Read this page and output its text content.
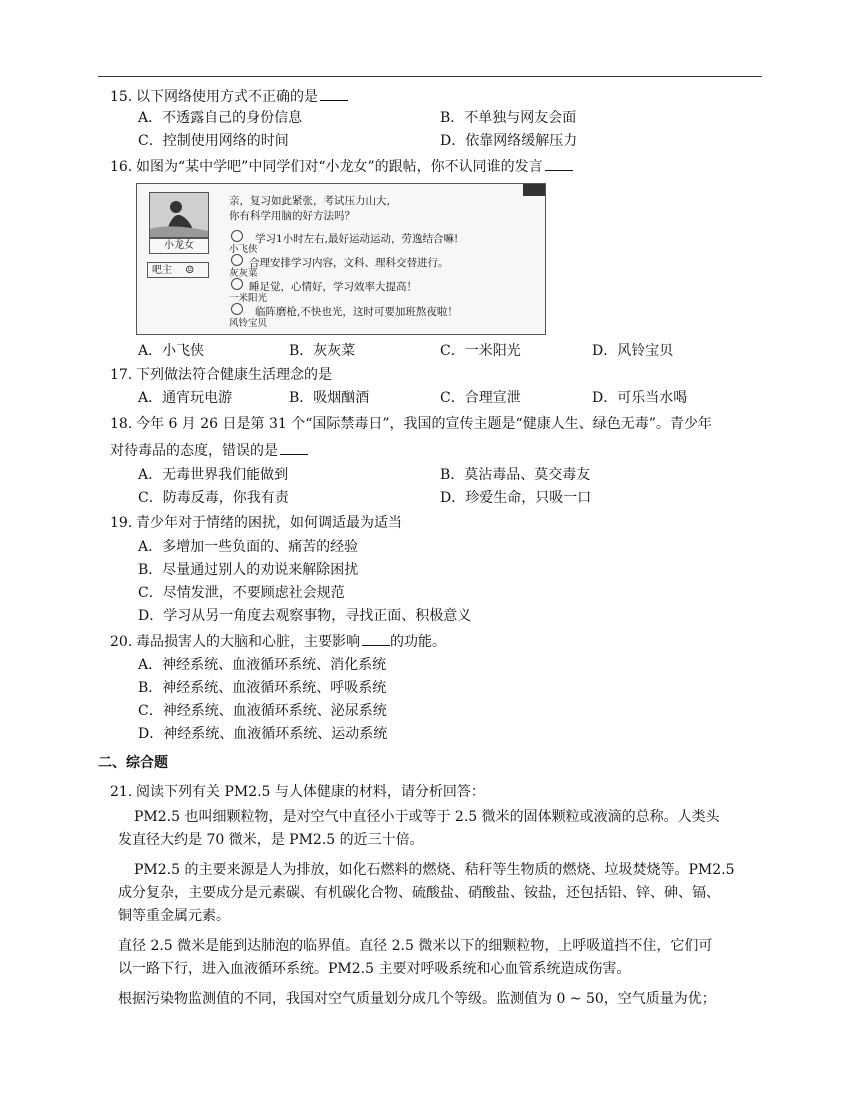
15. 以下网络使用方式不正确的是
A．不透露自己的身份信息	B．不单独与网友会面
C．控制使用网络的时间	D．依靠网络缓解压力
16. 如图为“某中学吧”中同学们对“小龙女”的跟帖，你不认同谁的发言
小龙女
吧主 ☺
亲，复习如此紧张，考试压力山大，
你有科学用脑的好方法吗？
学习1小时左右,最好运动运动，劳逸结合嘛!
小飞侠
合理安排学习内容，文科、理科交替进行。
灰灰菜
睡足觉，心情好，学习效率大提高！
一米阳光
临阵磨枪,不快也光，这时可要加班熬夜啦！
风铃宝贝
A．小飞侠	B．灰灰菜	C．一米阳光	D．风铃宝贝
17. 下列做法符合健康生活理念的是
A．通宵玩电游	B．吸烟酗酒	C．合理宣泄	D．可乐当水喝
18. 今年 6 月 26 日是第 31 个“国际禁毒日”，我国的宣传主题是“健康人生、绿色无毒”。青少年
对待毒品的态度，错误的是
A．无毒世界我们能做到	B．莫沾毒品、莫交毒友
C．防毒反毒，你我有责	D．珍爱生命，只吸一口
19. 青少年对于情绪的困扰，如何调适最为适当
A．多增加一些负面的、痛苦的经验
B．尽量通过别人的劝说来解除困扰
C．尽情发泄，不要顾虑社会规范
D．学习从另一角度去观察事物，寻找正面、积极意义
20. 毒品损害人的大脑和心脏，主要影响 的功能。
A．神经系统、血液循环系统、消化系统
B．神经系统、血液循环系统、呼吸系统
C．神经系统、血液循环系统、泌尿系统
D．神经系统、血液循环系统、运动系统
二、综合题
21. 阅读下列有关 PM2.5 与人体健康的材料，请分析回答：
PM2.5 也叫细颗粒物，是对空气中直径小于或等于 2.5 微米的固体颗粒或液滴的总称。人类头
发直径大约是 70 微米，是 PM2.5 的近三十倍。
PM2.5 的主要来源是人为排放，如化石燃料的燃烧、秸秆等生物质的燃烧、垃圾焚烧等。PM2.5
成分复杂，主要成分是元素碳、有机碳化合物、硫酸盐、硝酸盐、铵盐，还包括铅、锌、砷、镉、
铜等重金属元素。
直径 2.5 微米是能到达肺泡的临界值。直径 2.5 微米以下的细颗粒物，上呼吸道挡不住，它们可
以一路下行，进入血液循环系统。PM2.5 主要对呼吸系统和心血管系统造成伤害。
根据污染物监测值的不同，我国对空气质量划分成几个等级。监测值为 0 ~ 50，空气质量为优；
